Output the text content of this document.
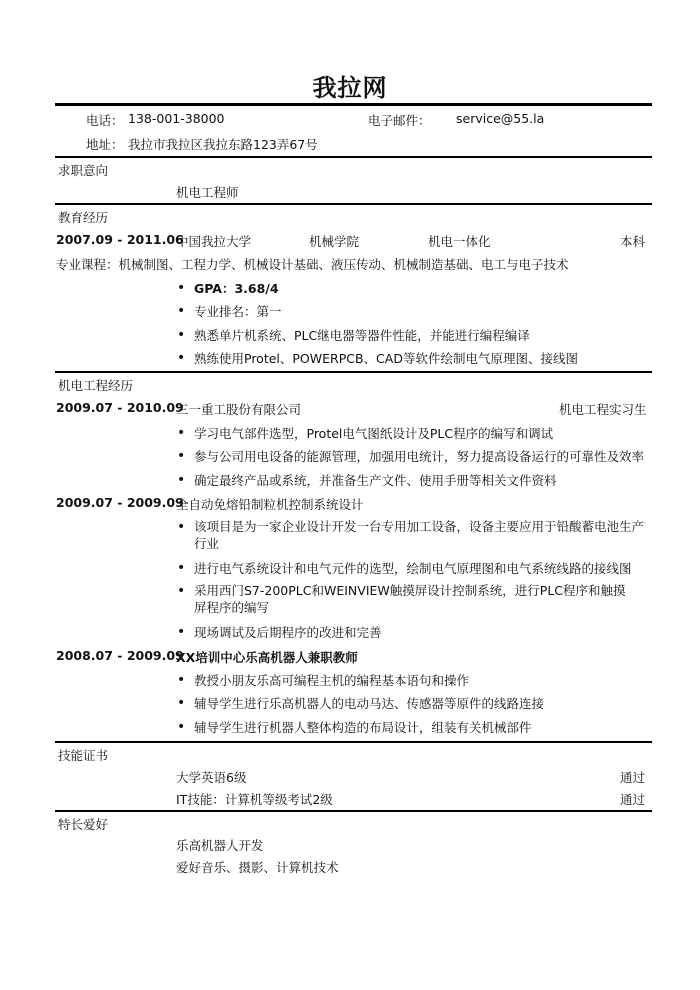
我拉网
电话： 138-001-38000	电子邮件： service@55.la
地址： 我拉市我拉区我拉东路123弄67号
求职意向
机电工程师
教育经历
2007.09 - 2011.06
中国我拉大学	机械学院	机电一体化	本科
专业课程：机械制图、工程力学、机械设计基础、液压传动、机械制造基础、电工与电子技术
• GPA：3.68/4
• 专业排名：第一
• 熟悉单片机系统、PLC继电器等器件性能，并能进行编程编译
• 熟练使用Protel、POWERPCB、CAD等软件绘制电气原理图、接线图
机电工程经历
2009.07 - 2010.09
三一重工股份有限公司	机电工程实习生
• 学习电气部件选型，Protel电气图纸设计及PLC程序的编写和调试
• 参与公司用电设备的能源管理，加强用电统计，努力提高设备运行的可靠性及效率
• 确定最终产品或系统，并准备生产文件、使用手册等相关文件资料
2009.07 - 2009.09
全自动免熔铅制粒机控制系统设计
• 该项目是为一家企业设计开发一台专用加工设备，设备主要应用于铅酸蓄电池生产行业
• 进行电气系统设计和电气元件的选型，绘制电气原理图和电气系统线路的接线图
• 采用西门S7-200PLC和WEINVIEW触摸屏设计控制系统，进行PLC程序和触摸屏程序的编写
• 现场调试及后期程序的改进和完善
2008.07 - 2009.09
XX培训中心乐高机器人兼职教师
• 教授小朋友乐高可编程主机的编程基本语句和操作
• 辅导学生进行乐高机器人的电动马达、传感器等原件的线路连接
• 辅导学生进行机器人整体构造的布局设计，组装有关机械部件
技能证书
大学英语6级	通过
IT技能：计算机等级考试2级	通过
特长爱好
乐高机器人开发
爱好音乐、摄影、计算机技术
